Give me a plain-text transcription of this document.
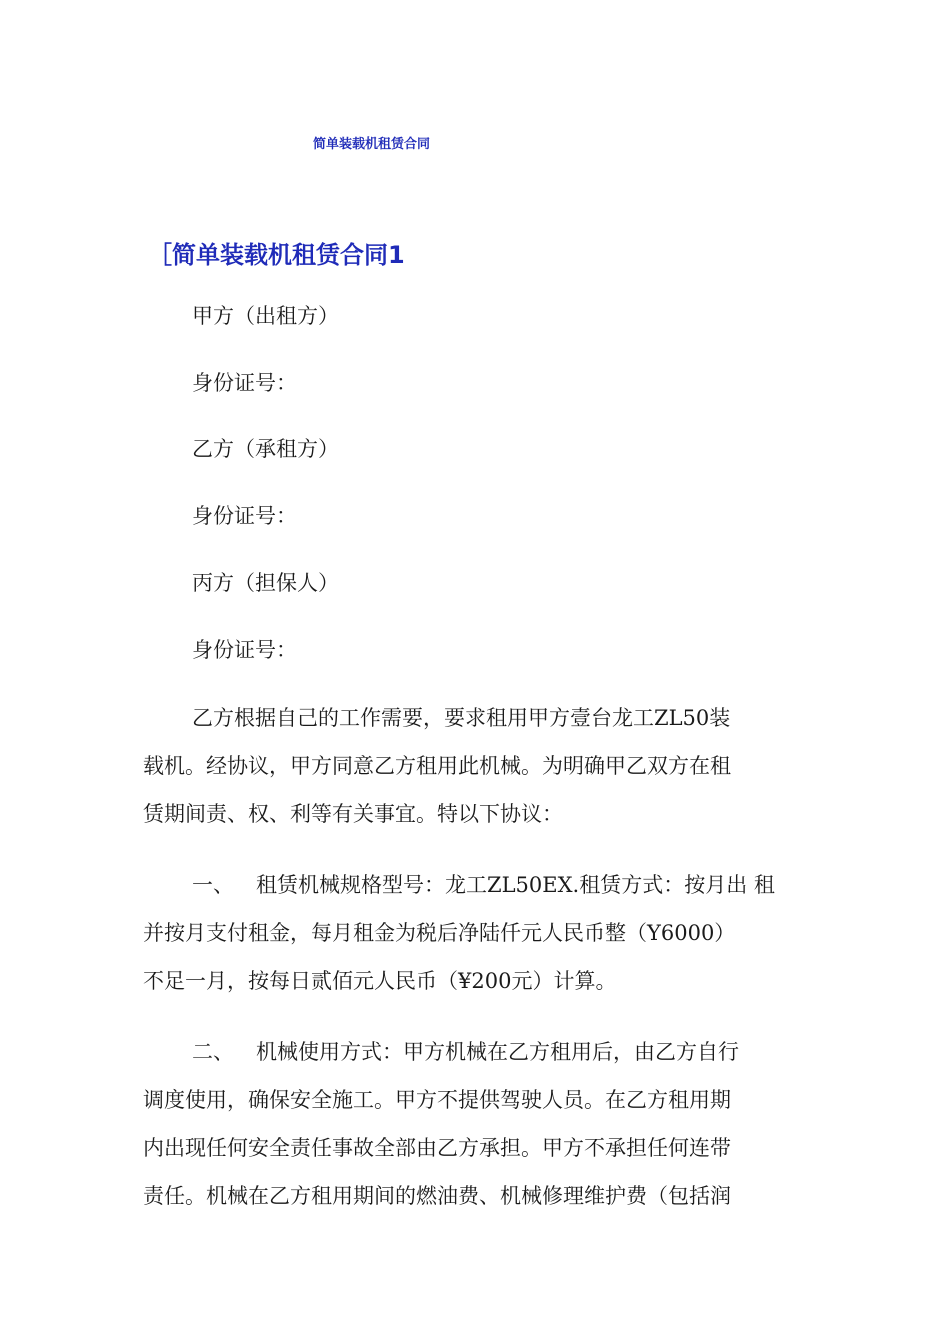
简单装载机租赁合同
［简单装载机租赁合同1
甲方（出租方）
身份证号：
乙方（承租方）
身份证号：
丙方（担保人）
身份证号：
乙方根据自己的工作需要，要求租用甲方壹台龙工ZL50装
载机。经协议，甲方同意乙方租用此机械。为明确甲乙双方在租
赁期间责、权、利等有关事宜。特以下协议：
一、 租赁机械规格型号：龙工ZL50EX.租赁方式：按月出 租
并按月支付租金，每月租金为税后净陆仟元人民币整（Y6000）
不足一月，按每日贰佰元人民币（¥200元）计算。
二、 机械使用方式：甲方机械在乙方租用后，由乙方自行
调度使用，确保安全施工。甲方不提供驾驶人员。在乙方租用期
内出现任何安全责任事故全部由乙方承担。甲方不承担任何连带
责任。机械在乙方租用期间的燃油费、机械修理维护费（包括润
